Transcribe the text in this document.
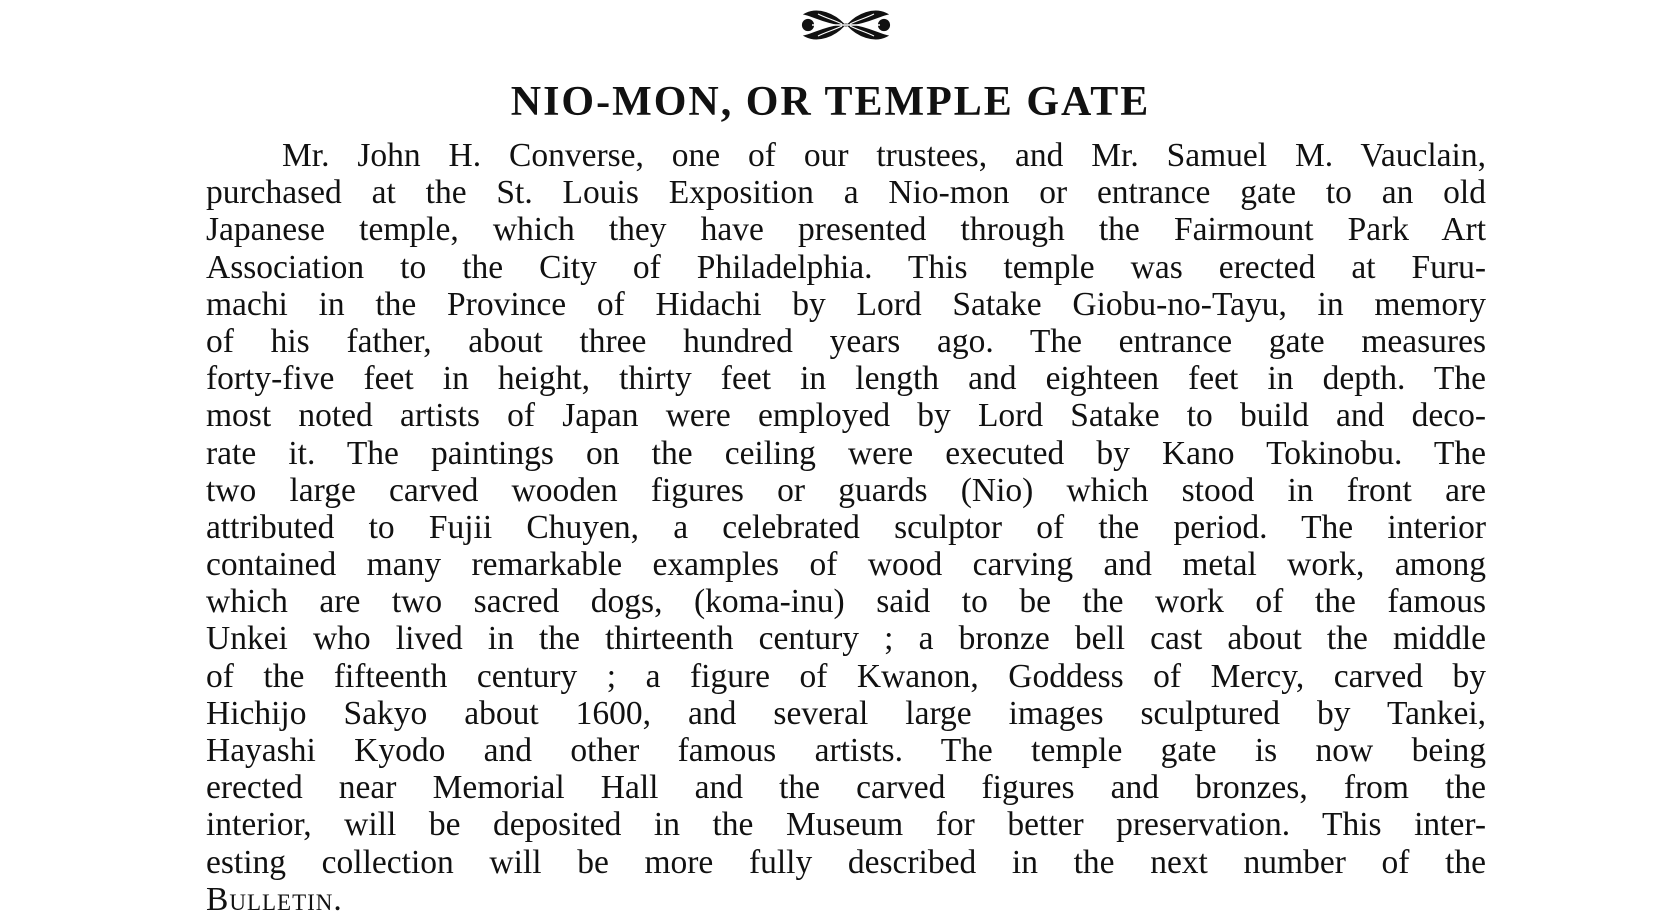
NIO-MON, OR TEMPLE GATE
Mr. John H. Converse, one of our trustees, and Mr. Samuel M. Vauclain,
purchased at the St. Louis Exposition a Nio-mon or entrance gate to an old
Japanese temple, which they have presented through the Fairmount Park Art
Association to the City of Philadelphia. This temple was erected at Furu-
machi in the Province of Hidachi by Lord Satake Giobu-no-Tayu, in memory
of his father, about three hundred years ago. The entrance gate measures
forty-five feet in height, thirty feet in length and eighteen feet in depth. The
most noted artists of Japan were employed by Lord Satake to build and deco-
rate it. The paintings on the ceiling were executed by Kano Tokinobu. The
two large carved wooden figures or guards (Nio) which stood in front are
attributed to Fujii Chuyen, a celebrated sculptor of the period. The interior
contained many remarkable examples of wood carving and metal work, among
which are two sacred dogs, (koma-inu) said to be the work of the famous
Unkei who lived in the thirteenth century ; a bronze bell cast about the middle
of the fifteenth century ; a figure of Kwanon, Goddess of Mercy, carved by
Hichijo Sakyo about 1600, and several large images sculptured by Tankei,
Hayashi Kyodo and other famous artists. The temple gate is now being
erected near Memorial Hall and the carved figures and bronzes, from the
interior, will be deposited in the Museum for better preservation. This inter-
esting collection will be more fully described in the next number of the
Bulletin.
